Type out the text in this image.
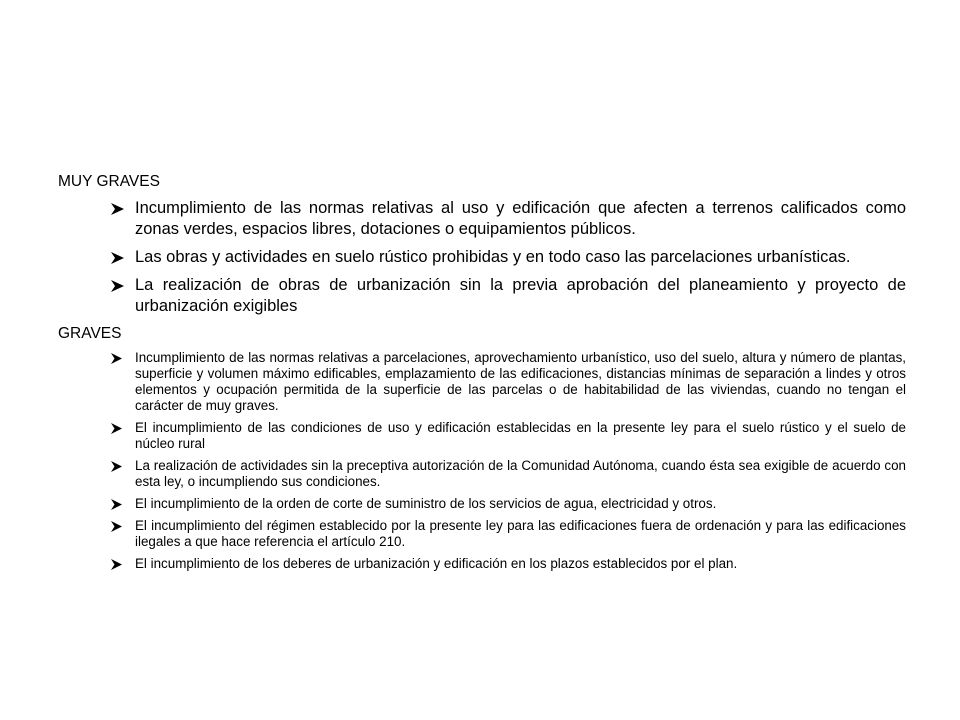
MUY GRAVES
Incumplimiento de las normas relativas al uso y edificación que afecten a terrenos calificados como zonas verdes, espacios libres, dotaciones o equipamientos públicos.
Las obras y actividades en suelo rústico prohibidas y en todo caso las parcelaciones urbanísticas.
La realización de obras de urbanización sin la previa aprobación del planeamiento y proyecto de urbanización exigibles
GRAVES
Incumplimiento de las normas relativas a parcelaciones, aprovechamiento urbanístico, uso del suelo, altura y número de plantas, superficie y volumen máximo edificables, emplazamiento de las edificaciones, distancias mínimas de separación a lindes y otros elementos y ocupación permitida de la superficie de las parcelas o de habitabilidad de las viviendas, cuando no tengan el carácter de muy graves.
El incumplimiento de las condiciones de uso y edificación establecidas en la presente ley para el suelo rústico y el suelo de núcleo rural
La realización de actividades sin la preceptiva autorización de la Comunidad Autónoma, cuando ésta sea exigible de acuerdo con esta ley, o incumpliendo sus condiciones.
El incumplimiento de la orden de corte de suministro de los servicios de agua, electricidad y otros.
El incumplimiento del régimen establecido por la presente ley para las edificaciones fuera de ordenación y para las edificaciones ilegales a que hace referencia el artículo 210.
El incumplimiento de los deberes de urbanización y edificación en los plazos establecidos por el plan.
